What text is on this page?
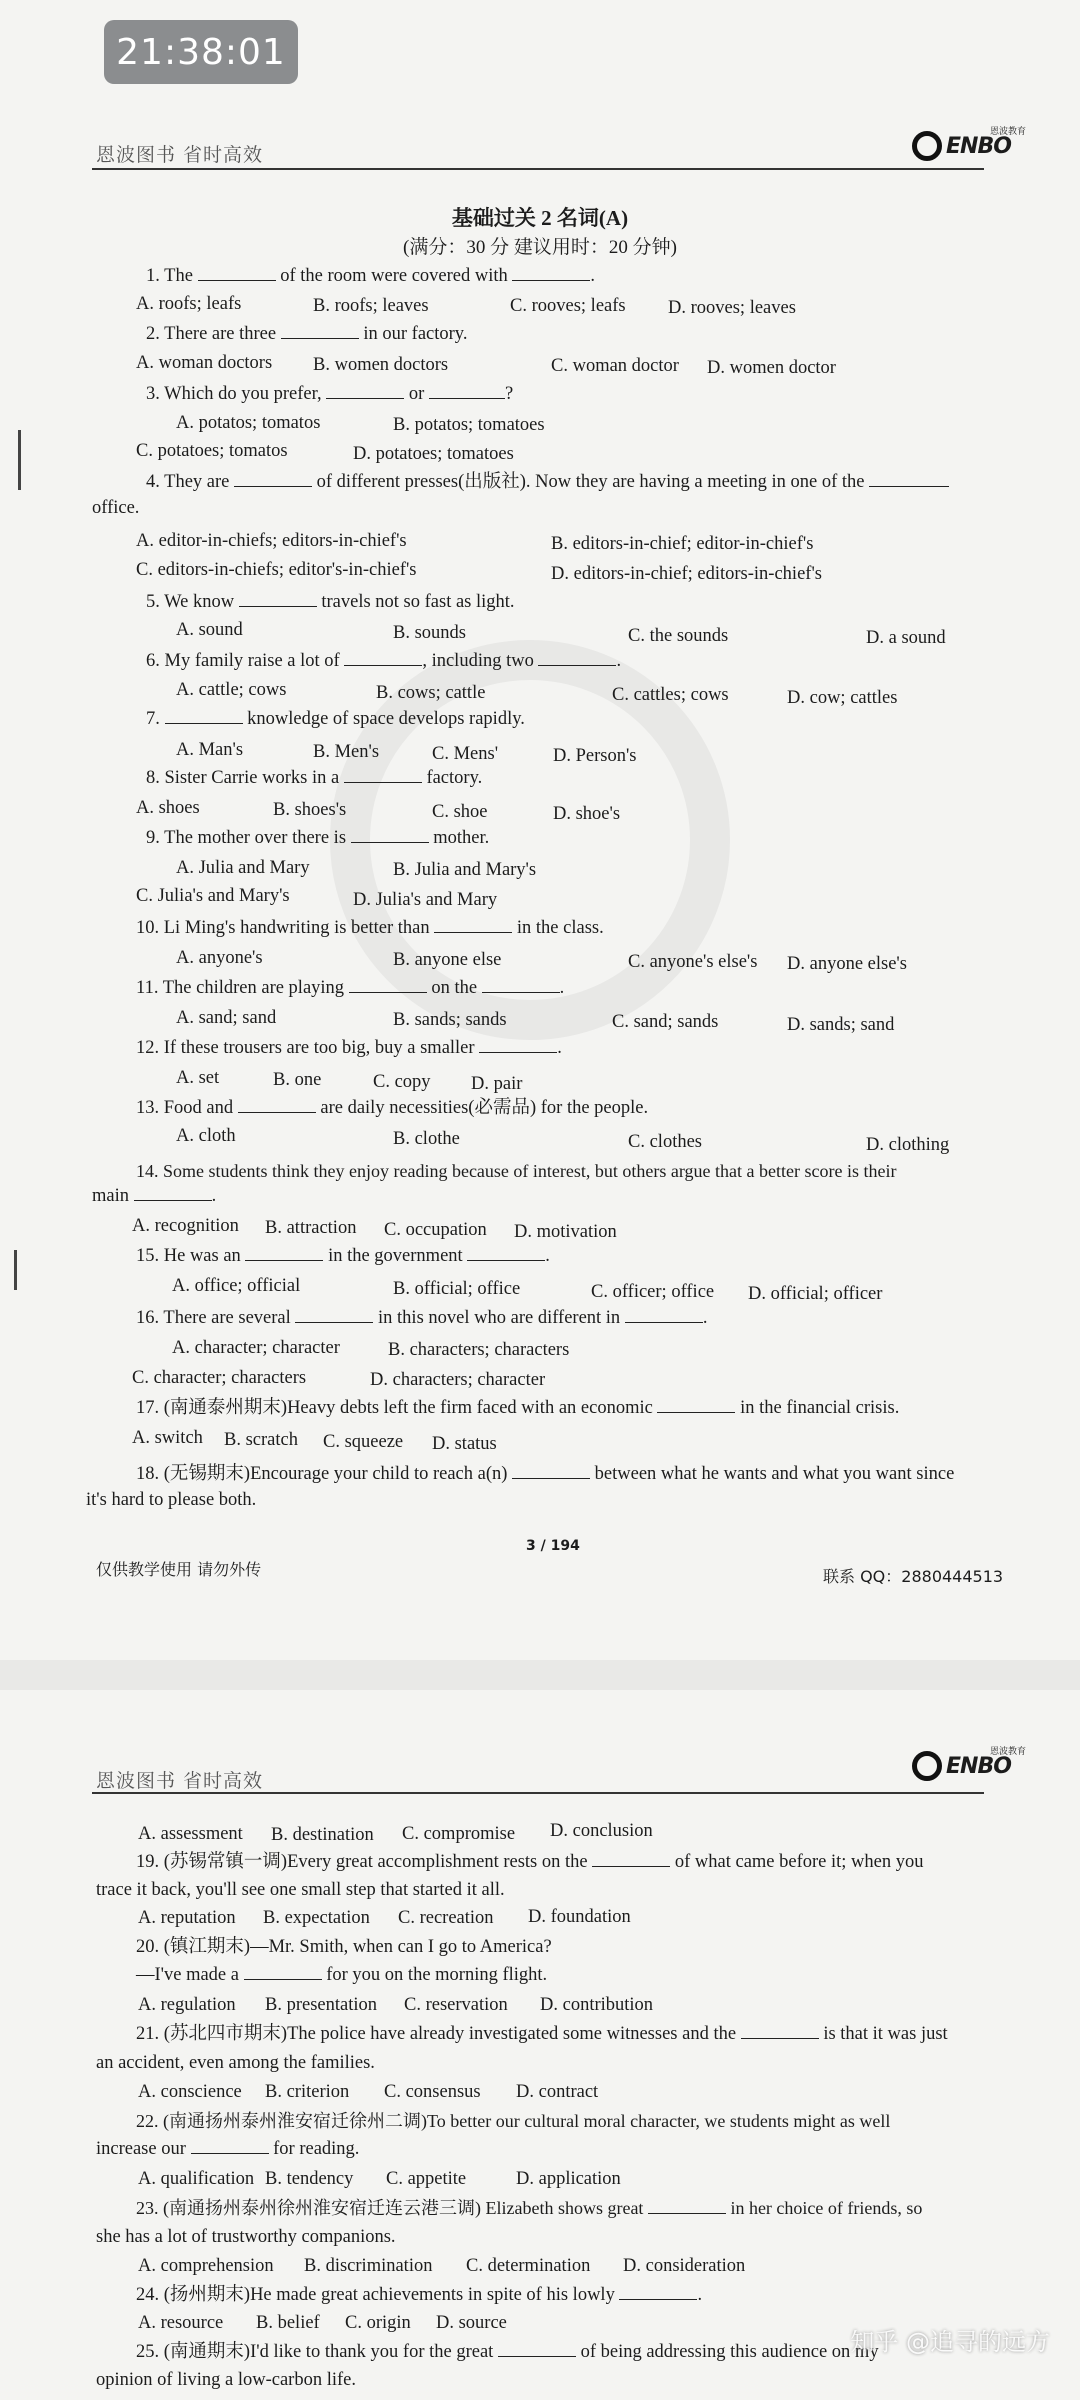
21:38:01
恩波图书 省时高效	ENBO
恩波教育
基础过关 2 名词(A)
(满分：30 分 建议用时：20 分钟)
1. The	of the room were covered with	.
A. roofs; leafs	B. roofs; leaves	C. rooves; leafs D. rooves; leaves
2. There are three	in our factory.
A. woman doctors B. women doctors	C. woman doctor D. women doctor
3. Which do you prefer,	or	?
A. potatos; tomatos	B. potatos; tomatoes
C. potatoes; tomatos	D. potatoes; tomatoes
4. They are	of different presses(出版社). Now they are having a meeting in one of the
office.
A. editor-in-chiefs; editors-in-chief's	B. editors-in-chief; editor-in-chief's
C. editors-in-chiefs; editor's-in-chief's	D. editors-in-chief; editors-in-chief's
5. We know	travels not so fast as light.
A. sound	B. sounds	C. the sounds	D. a sound
6. My family raise a lot of	, including two	.
A. cattle; cows	B. cows; cattle	C. cattles; cows	D. cow; cattles
7.	knowledge of space develops rapidly.
A. Man's	B. Men's	C. Mens'	D. Person's
8. Sister Carrie works in a	factory.
A. shoes	B. shoes's	C. shoe	D. shoe's
9. The mother over there is	mother.
A. Julia and Mary	B. Julia and Mary's
C. Julia's and Mary's	D. Julia's and Mary
10. Li Ming's handwriting is better than	in the class.
A. anyone's	B. anyone else	C. anyone's else's D. anyone else's
11. The children are playing	on the	.
A. sand; sand	B. sands; sands	C. sand; sands	D. sands; sand
12. If these trousers are too big, buy a smaller	.
A. set	B. one	C. copy D. pair
13. Food and	are daily necessities(必需品) for the people.
A. cloth	B. clothe	C. clothes	D. clothing
14. Some students think they enjoy reading because of interest, but others argue that a better score is their
main	.
A. recognition B. attraction C. occupation D. motivation
15. He was an	in the government	.
A. office; official	B. official; office	C. officer; office D. official; officer
16. There are several	in this novel who are different in	.
A. character; character	B. characters; characters
C. character; characters	D. characters; character
17. (南通泰州期末)Heavy debts left the firm faced with an economic	in the financial crisis.
A. switch B. scratch C. squeeze D. status
18. (无锡期末)Encourage your child to reach a(n)	between what he wants and what you want since
it's hard to please both.
仅供教学使用 请勿外传
3 / 194
联系 QQ：2880444513
恩波图书 省时高效
ENBO
恩波教育
A. assessment B. destination C. compromise D. conclusion
19. (苏锡常镇一调)Every great accomplishment rests on the	of what came before it; when you
trace it back, you'll see one small step that started it all.
A. reputation B. expectation C. recreation D. foundation
20. (镇江期末)—Mr. Smith, when can I go to America?
—I've made a	for you on the morning flight.
A. regulation B. presentation C. reservation D. contribution
21. (苏北四市期末)The police have already investigated some witnesses and the	is that it was just
an accident, even among the families.
A. conscience B. criterion C. consensus D. contract
22. (南通扬州泰州淮安宿迁徐州二调)To better our cultural moral character, we students might as well
increase our	for reading.
A. qualification B. tendency C. appetite	D. application
23. (南通扬州泰州徐州淮安宿迁连云港三调) Elizabeth shows great	in her choice of friends, so
she has a lot of trustworthy companions.
A. comprehension B. discrimination C. determination D. consideration
24. (扬州期末)He made great achievements in spite of his lowly	.
A. resource B. belief C. origin D. source
25. (南通期末)I'd like to thank you for the great	of being addressing this audience on my
opinion of living a low-carbon life.
知乎 @追寻的远方
